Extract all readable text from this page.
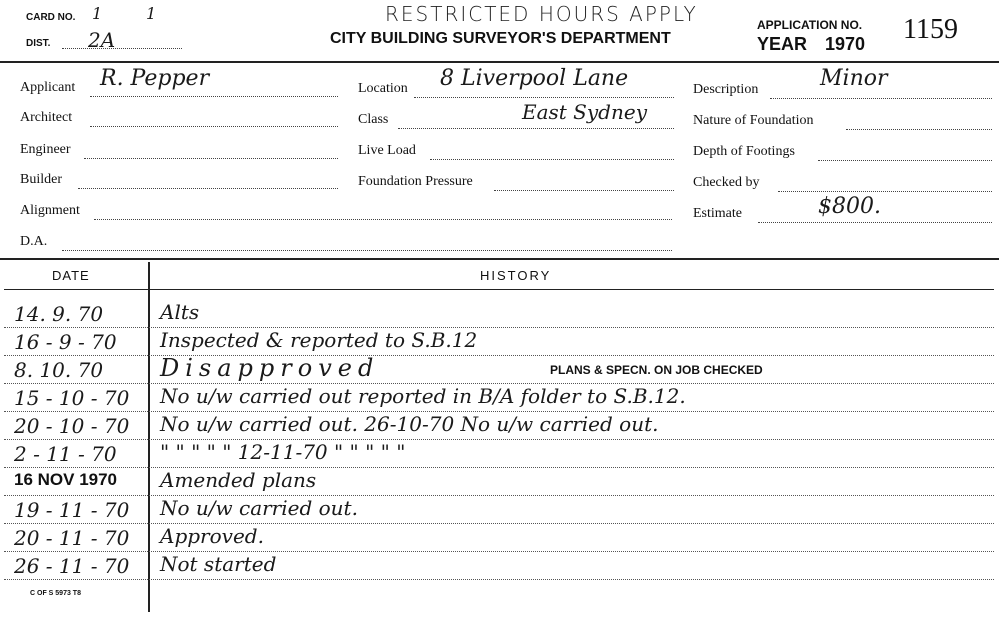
CARD NO. 1	1
DIST. 2A
RESTRICTED HOURS APPLY
CITY BUILDING SURVEYOR'S DEPARTMENT
APPLICATION NO. 1159
YEAR 1970
Applicant R. Pepper
Architect
Engineer
Builder
Alignment
D.A.
Location 8 Liverpool Lane
Class	East Sydney
Live Load
Foundation Pressure
Description	Minor
Nature of Foundation
Depth of Footings
Checked by
Estimate	$800.
DATE	HISTORY
14. 9. 70	Alts
16 - 9 - 70 Inspected & reported to S.B.12
8. 10. 70 Disapproved	PLANS & SPECN. ON JOB CHECKED
15 - 10 - 70 No u/w carried out reported in B/A folder to S.B.12.
20 - 10 - 70 No u/w carried out. 26-10-70 No u/w carried out.
2 - 11 - 70 " " " " " 12-11-70 " " " " "
16 NOV 1970 Amended plans
19 - 11 - 70 No u/w carried out.
20 - 11 - 70 Approved.
26 - 11 - 70 Not started
C OF S 5973 T8
